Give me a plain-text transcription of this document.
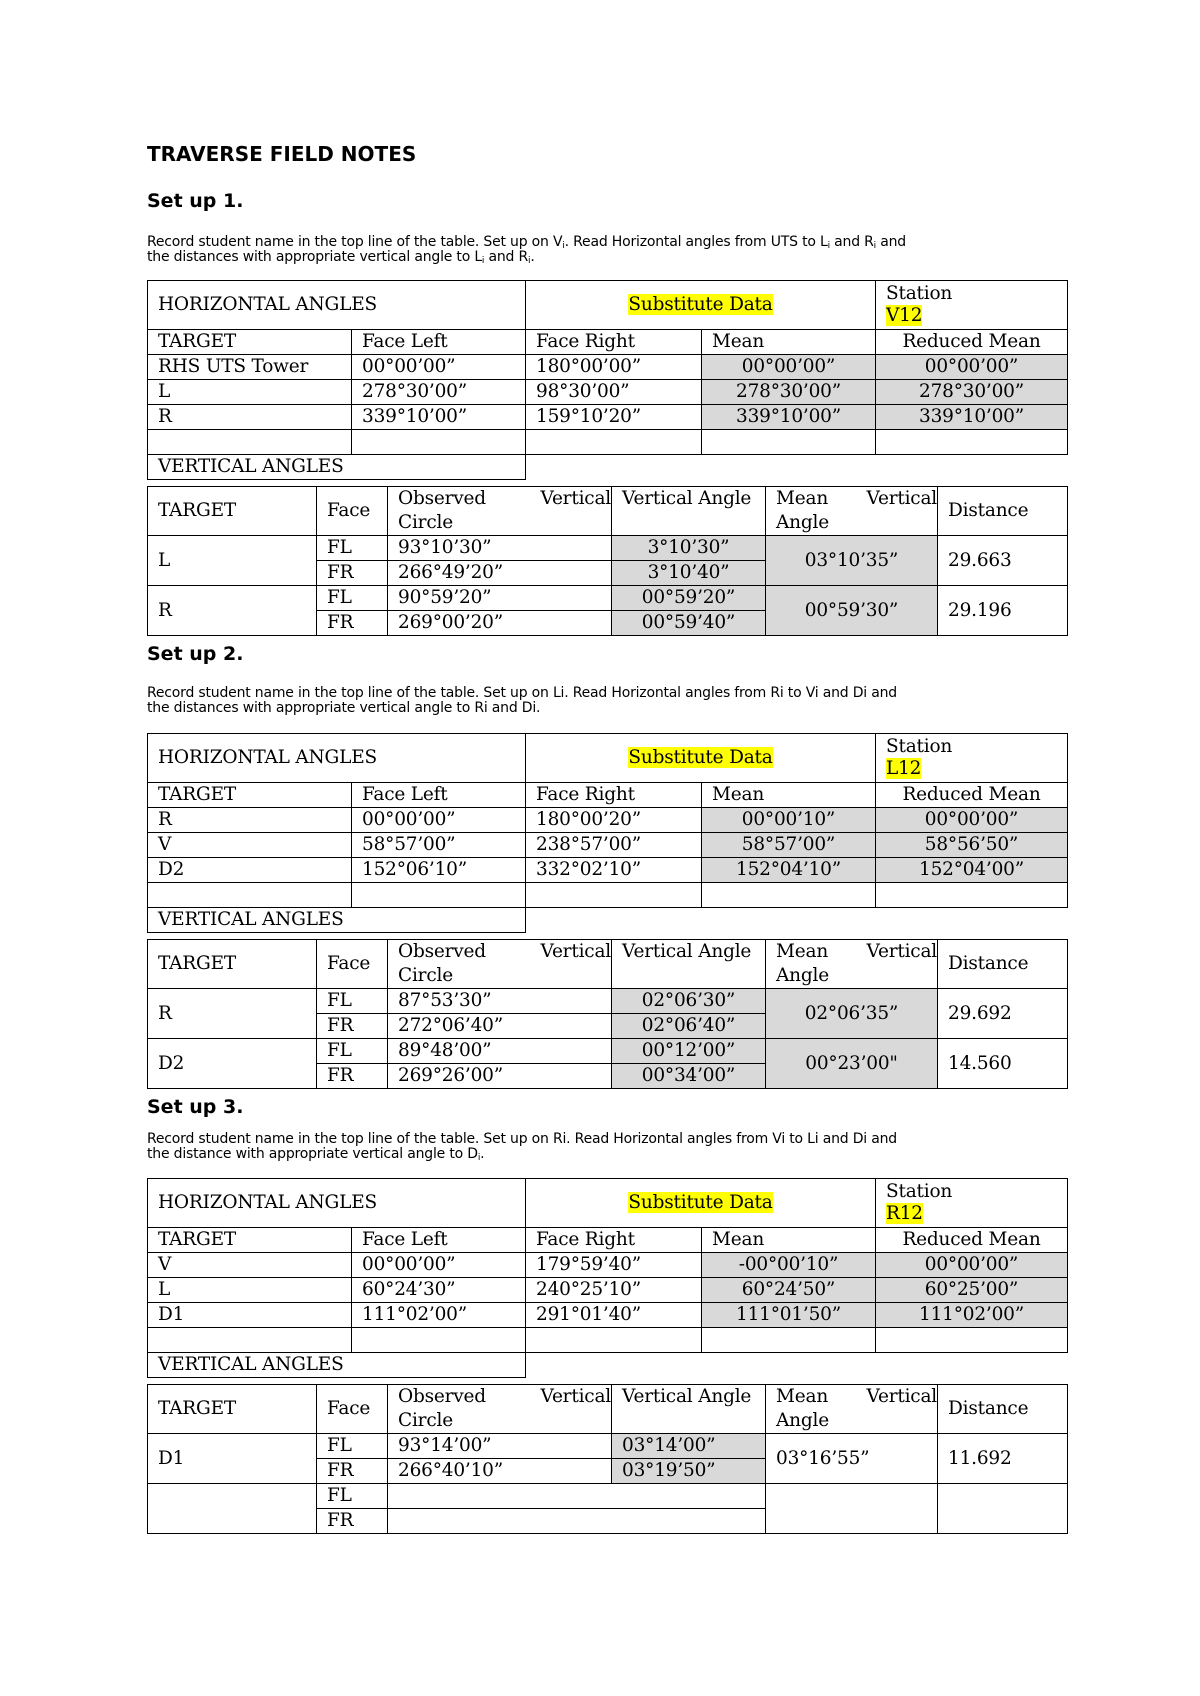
TRAVERSE FIELD NOTES
Set up 1.
Record student name in the top line of the table. Set up on $V_i$. Read Horizontal angles from UTS to $L_i$ and $R_i$ and
the distances with appropriate vertical angle to $L_i$ and $R_i$.
HORIZONTAL ANGLES		Substitute Data		Station
V12
TARGET	Face Left	Face Right	Mean	Reduced Mean
RHS UTS Tower	00°00’00”	180°00’00”	00°00’00”	00°00’00”
L	278°30’00”	98°30’00”	278°30’00”	278°30’00”
R	339°10’00”	159°10’20”	339°10’00”	339°10’00”

VERTICAL ANGLES				
TARGET	Face	Observed Vertical Circle	Vertical Angle	Mean Vertical Angle	Distance
L	FL	93°10’30”	3°10’30”	03°10’35”	29.663
	FR	266°49’20”	3°10’40”		
R	FL	90°59’20”	00°59’20”	00°59’30”	29.196
	FR	269°00’20”	00°59’40”		
Set up 2.
Record student name in the top line of the table. Set up on Li. Read Horizontal angles from Ri to Vi and Di and
the distances with appropriate vertical angle to Ri and Di.
HORIZONTAL ANGLES		Substitute Data		Station
L12
TARGET	Face Left	Face Right	Mean	Reduced Mean
R	00°00’00”	180°00’20”	00°00’10”	00°00’00”
V	58°57’00”	238°57’00”	58°57’00”	58°56’50”
D2	152°06’10”	332°02’10”	152°04’10”	152°04’00”

VERTICAL ANGLES				
TARGET	Face	Observed Vertical Circle	Vertical Angle	Mean Vertical Angle	Distance
R	FL	87°53’30”	02°06’30”	02°06’35”	29.692
	FR	272°06’40”	02°06’40”		
D2	FL	89°48’00”	00°12’00”	00°23’00"	14.560
	FR	269°26’00”	00°34’00”		
Set up 3.
Record student name in the top line of the table. Set up on Ri. Read Horizontal angles from Vi to Li and Di and
the distance with appropriate vertical angle to $D_i$.
HORIZONTAL ANGLES		Substitute Data		Station
R12
TARGET	Face Left	Face Right	Mean	Reduced Mean
V	00°00’00”	179°59’40”	-00°00’10”	00°00’00”
L	60°24’30”	240°25’10”	60°24’50”	60°25’00”
D1	111°02’00”	291°01’40”	111°01’50”	111°02’00”

VERTICAL ANGLES				
TARGET	Face	Observed Vertical Circle	Vertical Angle	Mean Vertical Angle	Distance
D1	FL	93°14’00”	03°14’00”	03°16’55”	11.692
	FR	266°40’10”	03°19’50”		
	FL				
	FR				
